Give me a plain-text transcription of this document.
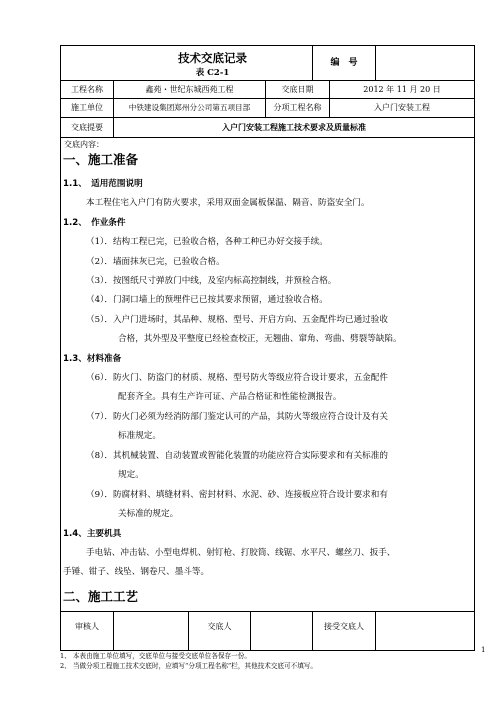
技术交底记录
表 C2-1
编　号
工程名称	鑫苑・世纪东城西苑工程	交底日期	2012 年 11 月 20 日
施工单位	中铁建设集团郑州分公司第五项目部	分项工程名称	入户门安装工程
交底提要	入户门安装工程施工技术要求及质量标准
交底内容：
一、施工准备
1.1、　适用范围说明
本工程住宅入户门有防火要求，采用双面金属板保温、隔音、防盗安全门。
1.2、　作业条件
（1）．结构工程已完，已验收合格，各种工种已办好交接手续。
（2）．墙面抹灰已完，已验收合格。
（3）．按图纸尺寸弹放门中线，及室内标高控制线，并预检合格。
（4）．门洞口墙上的预埋件已已按其要求预留，通过验收合格。
（5）．入户门进场时，其品种、规格、型号、开启方向、五金配件均已通过验收
合格，其外型及平整度已经检查校正，无翘曲、窜角、弯曲、劈裂等缺陷。
1.3、材料准备
（6）．防火门、防盗门的材质、规格、型号防火等级应符合设计要求，五金配件
配套齐全。具有生产许可证、产品合格证和性能检测报告。
（7）．防火门必须为经消防部门鉴定认可的产品，其防火等级应符合设计及有关
标准规定。
（8）．其机械装置、自动装置或智能化装置的功能应符合实际要求和有关标准的
规定。
（9）．防腐材料、填缝材料、密封材料、水泥、砂、连接板应符合设计要求和有
关标准的规定。
1.4、主要机具
手电钻、冲击钻、小型电焊机、射钉枪、打胶筒、线锯、水平尺、螺丝刀、扳手、
手锤、钳子、线坠、钢卷尺、墨斗等。
二、施工工艺
审核人	交底人	接受交底人
1、 本表由施工单位填写，交底单位与接受交底单位各保存一份。
2、 当做分项工程施工技术交底时，应填写“分项工程名称”栏，其他技术交底可不填写。
1
